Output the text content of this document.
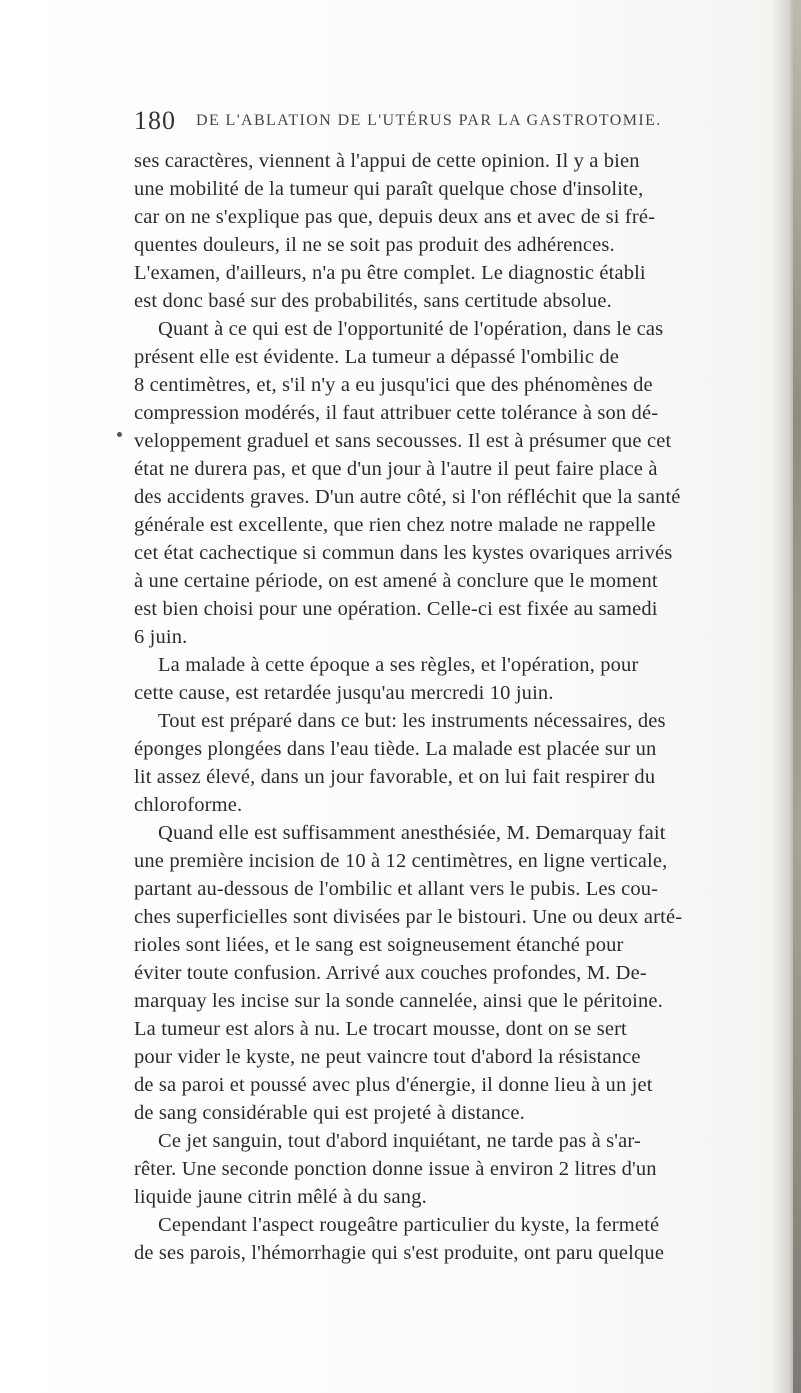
180 DE L'ABLATION DE L'UTÉRUS PAR LA GASTROTOMIE.
ses caractères, viennent à l'appui de cette opinion. Il y a bien
une mobilité de la tumeur qui paraît quelque chose d'insolite,
car on ne s'explique pas que, depuis deux ans et avec de si fré-
quentes douleurs, il ne se soit pas produit des adhérences.
L'examen, d'ailleurs, n'a pu être complet. Le diagnostic établi
est donc basé sur des probabilités, sans certitude absolue.
Quant à ce qui est de l'opportunité de l'opération, dans le cas
présent elle est évidente. La tumeur a dépassé l'ombilic de
8 centimètres, et, s'il n'y a eu jusqu'ici que des phénomènes de
compression modérés, il faut attribuer cette tolérance à son dé-
veloppement graduel et sans secousses. Il est à présumer que cet
état ne durera pas, et que d'un jour à l'autre il peut faire place à
des accidents graves. D'un autre côté, si l'on réfléchit que la santé
générale est excellente, que rien chez notre malade ne rappelle
cet état cachectique si commun dans les kystes ovariques arrivés
à une certaine période, on est amené à conclure que le moment
est bien choisi pour une opération. Celle-ci est fixée au samedi
6 juin.
La malade à cette époque a ses règles, et l'opération, pour
cette cause, est retardée jusqu'au mercredi 10 juin.
Tout est préparé dans ce but: les instruments nécessaires, des
éponges plongées dans l'eau tiède. La malade est placée sur un
lit assez élevé, dans un jour favorable, et on lui fait respirer du
chloroforme.
Quand elle est suffisamment anesthésiée, M. Demarquay fait
une première incision de 10 à 12 centimètres, en ligne verticale,
partant au-dessous de l'ombilic et allant vers le pubis. Les cou-
ches superficielles sont divisées par le bistouri. Une ou deux arté-
rioles sont liées, et le sang est soigneusement étanché pour
éviter toute confusion. Arrivé aux couches profondes, M. De-
marquay les incise sur la sonde cannelée, ainsi que le péritoine.
La tumeur est alors à nu. Le trocart mousse, dont on se sert
pour vider le kyste, ne peut vaincre tout d'abord la résistance
de sa paroi et poussé avec plus d'énergie, il donne lieu à un jet
de sang considérable qui est projeté à distance.
Ce jet sanguin, tout d'abord inquiétant, ne tarde pas à s'ar-
rêter. Une seconde ponction donne issue à environ 2 litres d'un
liquide jaune citrin mêlé à du sang.
Cependant l'aspect rougeâtre particulier du kyste, la fermeté
de ses parois, l'hémorrhagie qui s'est produite, ont paru quelque
